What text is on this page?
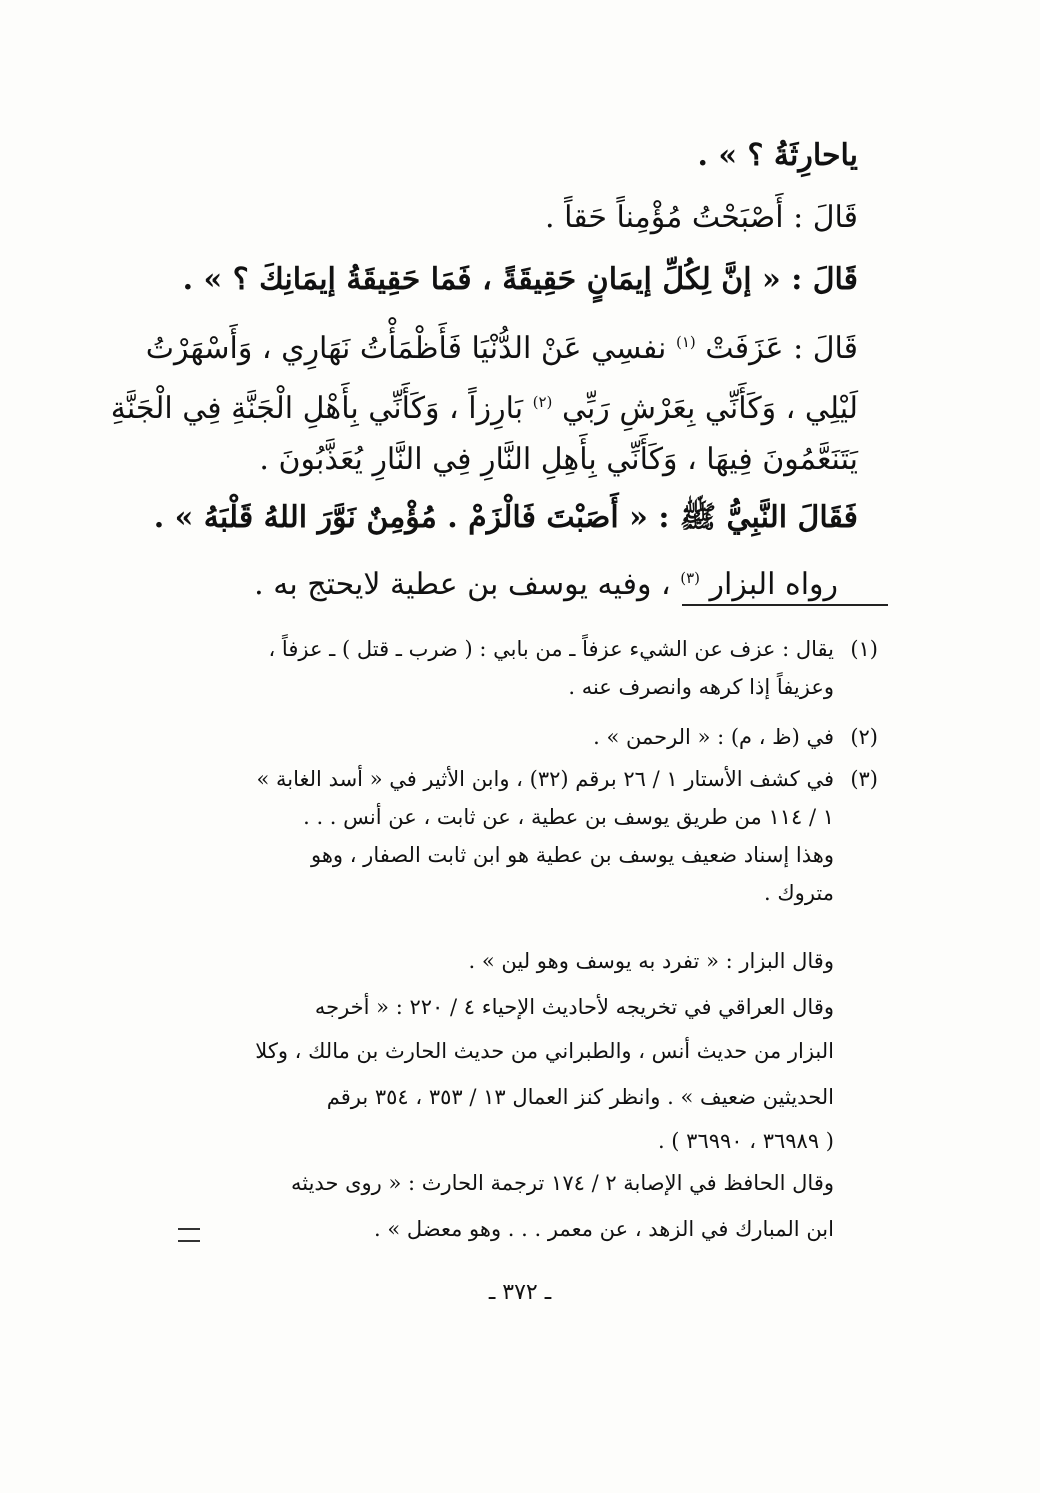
ياحارِثَةُ ؟ » .
قَالَ : أَصْبَحْتُ مُؤْمِناً حَقاً .
قَالَ : « إنَّ لِكُلِّ إيمَانٍ حَقِيقَةً ، فَمَا حَقِيقَةُ إيمَانِكَ ؟ » .
قَالَ : عَزَفَتْ $^{(١)}$ نفسِي عَنْ الدُّنْيَا فَأَظْمَأْتُ نَهَارِي ، وَأَسْهَرْتُ
لَيْلِي ، وَكَأَنِّي بِعَرْشِ رَبِّي $^{(٢)}$ بَارِزاً ، وَكَأَنِّي بِأَهْلِ الْجَنَّةِ فِي الْجَنَّةِ
يَتَنَعَّمُونَ فِيهَا ، وَكَأَنِّي بِأَهِلِ النَّارِ فِي النَّارِ يُعَذَّبُونَ .
فَقَالَ النَّبِيُّ ﷺ : « أَصَبْتَ فَالْزَمْ . مُؤْمِنٌ نَوَّرَ اللهُ قَلْبَهُ » .
رواه البزار $^{(٣)}$ ، وفيه يوسف بن عطية لايحتج به .
(١)
يقال : عزف عن الشيء عزفاً ـ من بابي : ( ضرب ـ قتل ) ـ عزفاً ،
وعزيفاً إذا كرهه وانصرف عنه .
(٢)
في (ظ ، م) : « الرحمن » .
(٣)
في كشف الأستار ١ / ٢٦ برقم (٣٢) ، وابن الأثير في « أسد الغابة »
١ / ١١٤ من طريق يوسف بن عطية ، عن ثابت ، عن أنس . . .
وهذا إسناد ضعيف يوسف بن عطية هو ابن ثابت الصفار ، وهو
متروك .
وقال البزار : « تفرد به يوسف وهو لين » .
وقال العراقي في تخريجه لأحاديث الإحياء ٤ / ٢٢٠ : « أخرجه
البزار من حديث أنس ، والطبراني من حديث الحارث بن مالك ، وكلا
الحديثين ضعيف » . وانظر كنز العمال ١٣ / ٣٥٣ ، ٣٥٤ برقم
( ٣٦٩٨٩ ، ٣٦٩٩٠ ) .
وقال الحافظ في الإصابة ٢ / ١٧٤ ترجمة الحارث : « روى حديثه
ابن المبارك في الزهد ، عن معمر . . . وهو معضل » .
ـ ٣٧٢ ـ
